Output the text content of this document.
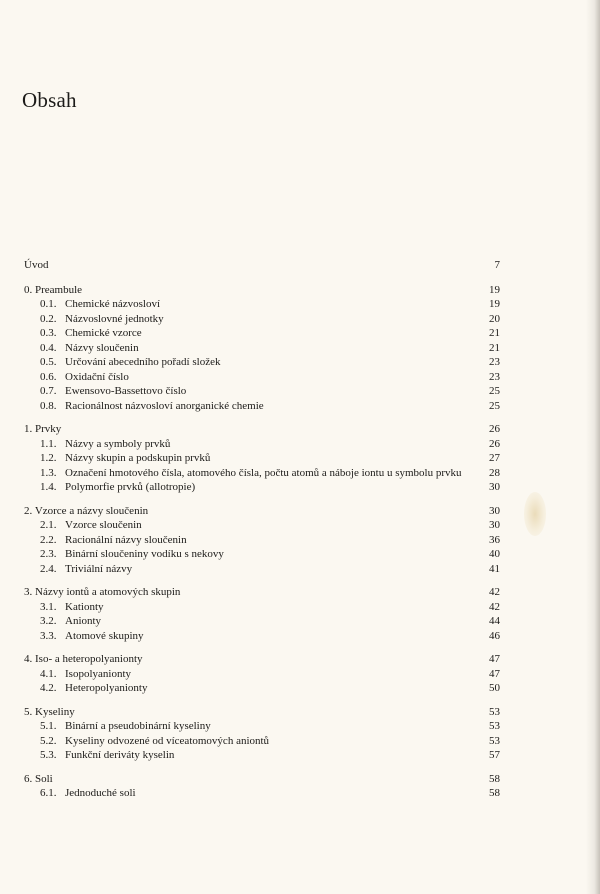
Obsah
Úvod	7
0. Preambule	19
0.1. Chemické názvosloví	19
0.2. Názvoslovné jednotky	20
0.3. Chemické vzorce	21
0.4. Názvy sloučenin	21
0.5. Určování abecedního pořadí složek	23
0.6. Oxidační číslo	23
0.7. Ewensovo-Bassettovo číslo	25
0.8. Racionálnost názvosloví anorganické chemie	25
1. Prvky	26
1.1. Názvy a symboly prvků	26
1.2. Názvy skupin a podskupin prvků	27
1.3. Označení hmotového čísla, atomového čísla, počtu atomů a náboje iontu u symbolu prvku	28
1.4. Polymorfie prvků (allotropie)	30
2. Vzorce a názvy sloučenin	30
2.1. Vzorce sloučenin	30
2.2. Racionální názvy sloučenin	36
2.3. Binární sloučeniny vodíku s nekovy	40
2.4. Triviální názvy	41
3. Názvy iontů a atomových skupin	42
3.1. Kationty	42
3.2. Anionty	44
3.3. Atomové skupiny	46
4. Iso- a heteropolyanionty	47
4.1. Isopolyanionty	47
4.2. Heteropolyanionty	50
5. Kyseliny	53
5.1. Binární a pseudobinární kyseliny	53
5.2. Kyseliny odvozené od víceatomových aniontů	53
5.3. Funkční deriváty kyselin	57
6. Soli	58
6.1. Jednoduché soli	58
